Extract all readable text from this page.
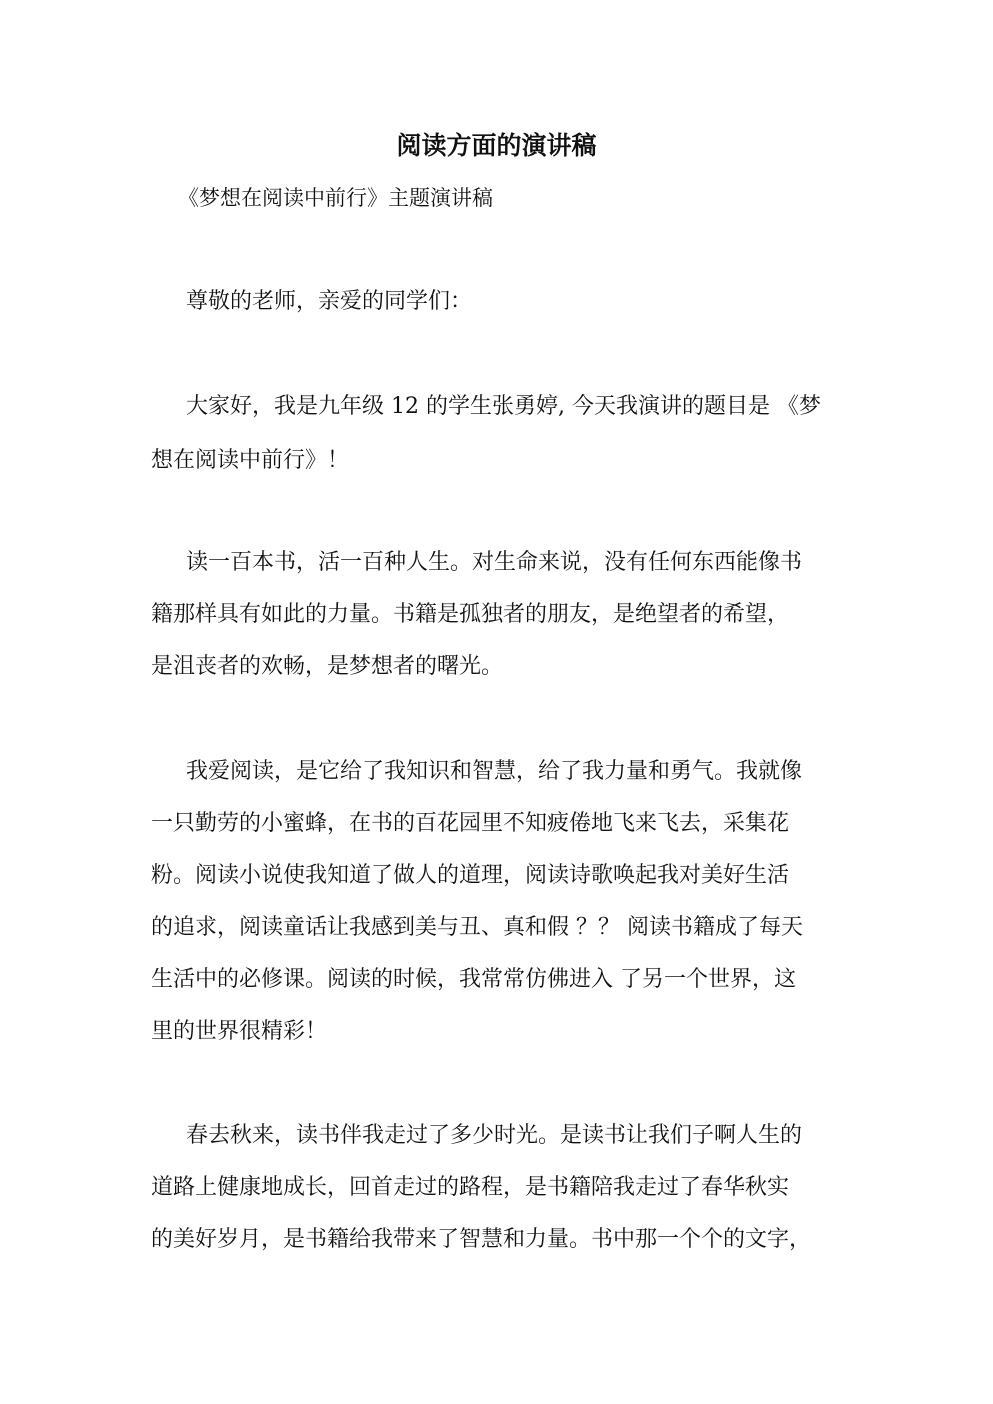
阅读方面的演讲稿

《梦想在阅读中前行》主题演讲稿

尊敬的老师，亲爱的同学们：

大家好，我是九年级 12 的学生张勇婷, 今天我演讲的题目是 《梦

想在阅读中前行》！

读一百本书，活一百种人生。对生命来说，没有任何东西能像书

籍那样具有如此的力量。书籍是孤独者的朋友，是绝望者的希望，

是沮丧者的欢畅，是梦想者的曙光。

我爱阅读，是它给了我知识和智慧，给了我力量和勇气。我就像

一只勤劳的小蜜蜂，在书的百花园里不知疲倦地飞来飞去，采集花

粉。阅读小说使我知道了做人的道理，阅读诗歌唤起我对美好生活

的追求，阅读童话让我感到美与丑、真和假 ？？ 阅读书籍成了每天

生活中的必修课。阅读的时候，我常常仿佛进入 了另一个世界，这

里的世界很精彩！

春去秋来，读书伴我走过了多少时光。是读书让我们子啊人生的

道路上健康地成长，回首走过的路程，是书籍陪我走过了春华秋实

的美好岁月，是书籍给我带来了智慧和力量。书中那一个个的文字，
